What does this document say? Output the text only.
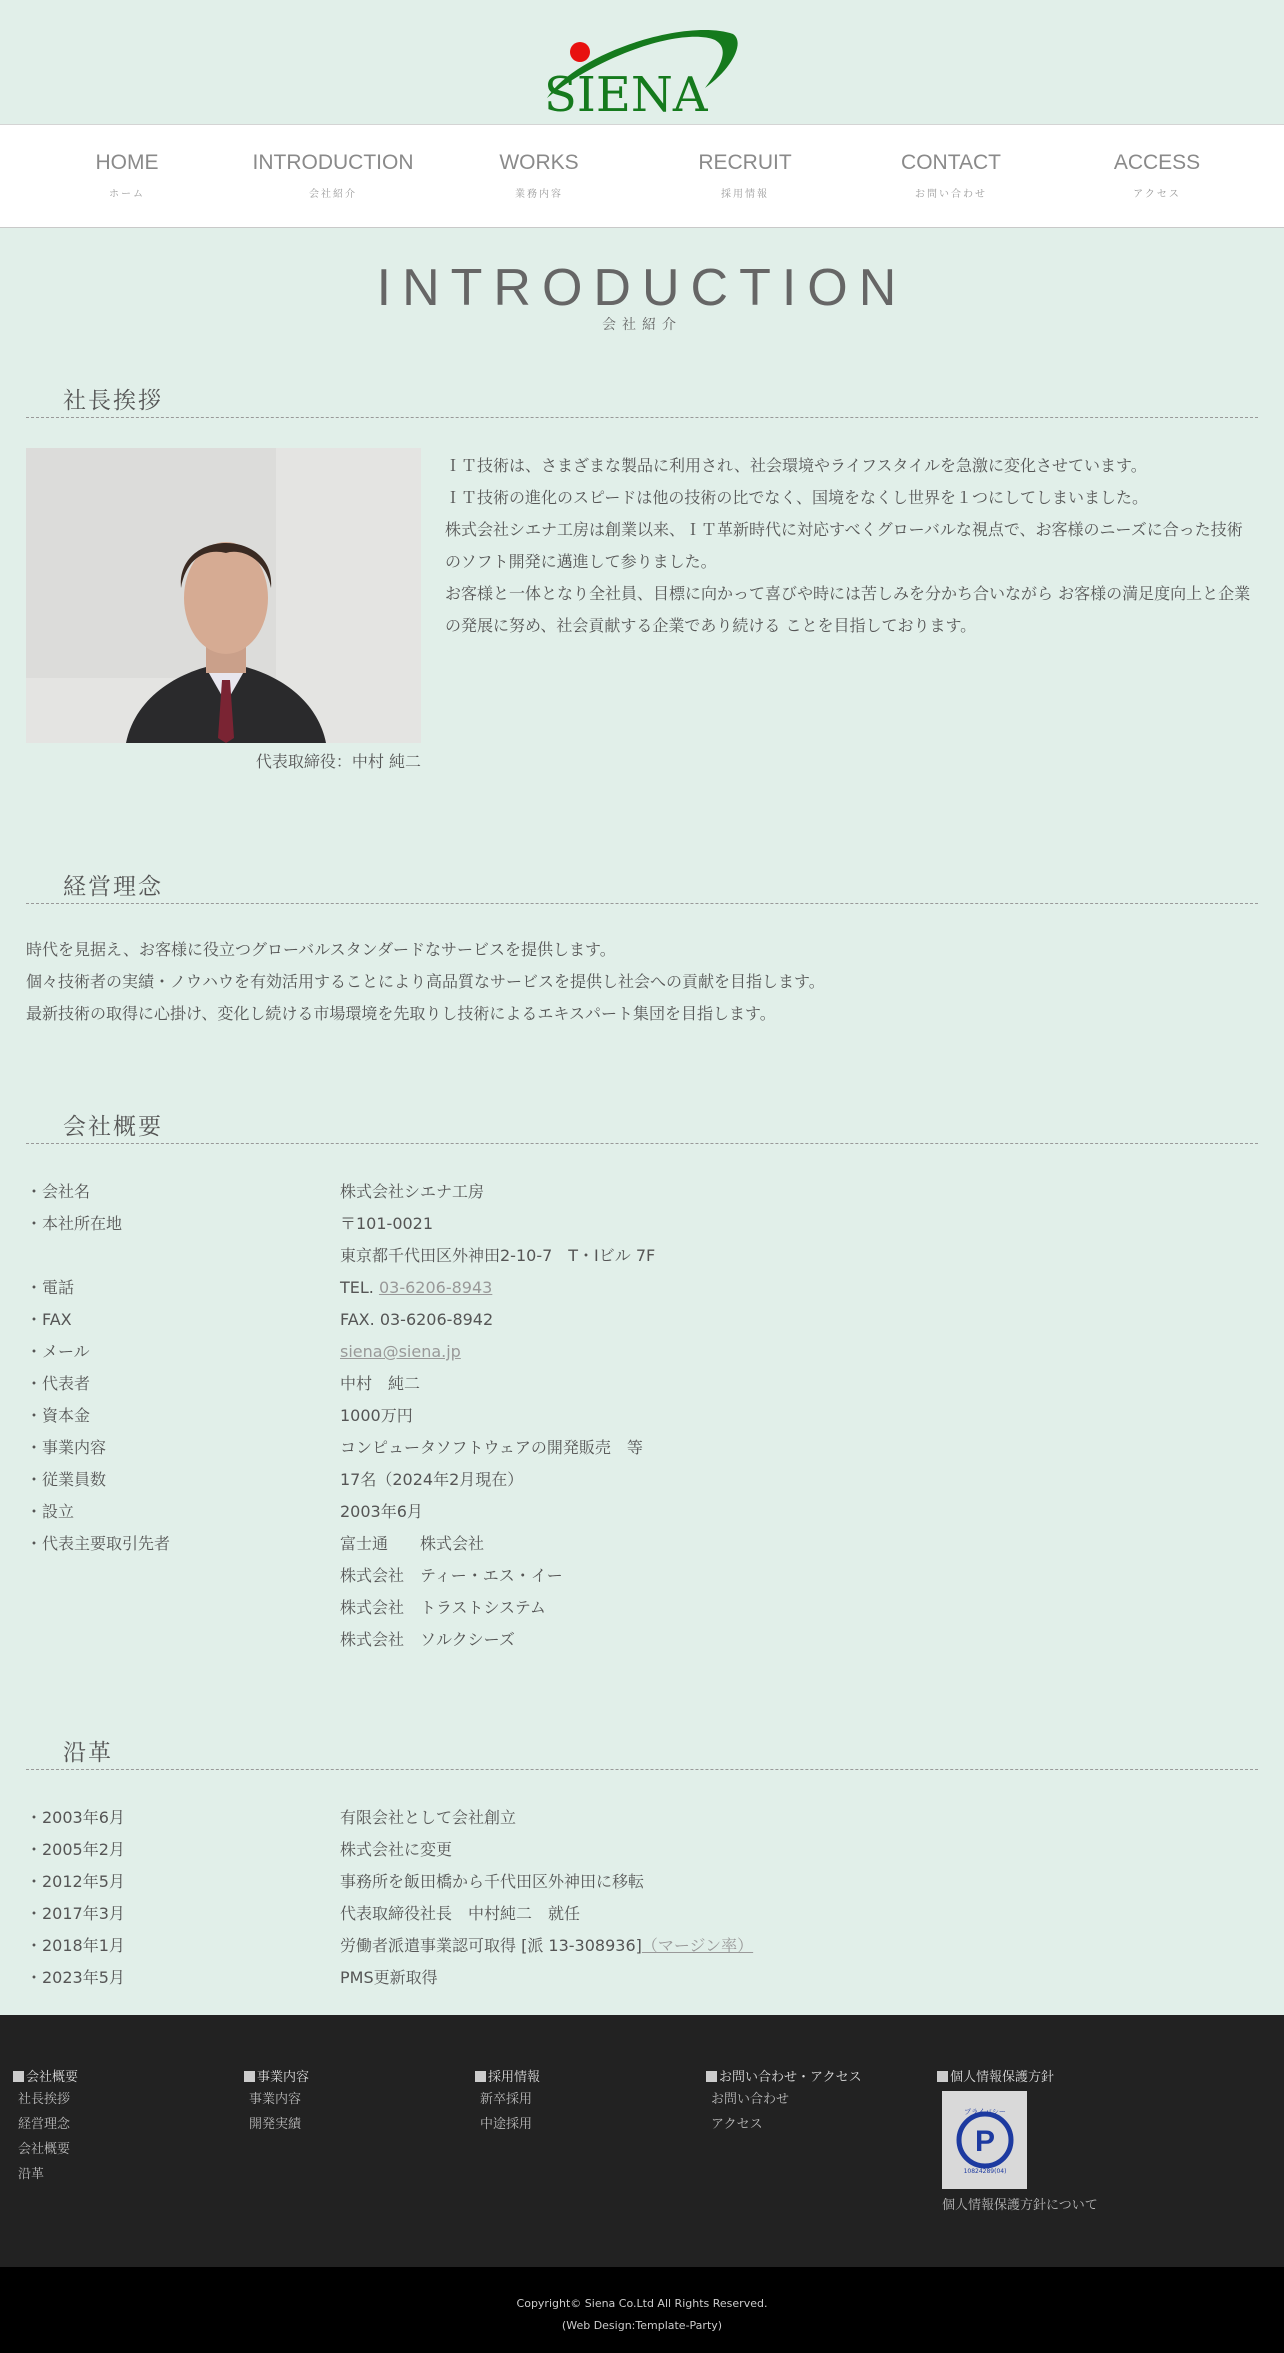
SIENA
HOME
ホーム
INTRODUCTION
会社紹介
WORKS
業務内容
RECRUIT
採用情報
CONTACT
お問い合わせ
ACCESS
アクセス
INTRODUCTION
会社紹介
社長挨拶
代表取締役：中村 純二
ＩＴ技術は、さまざまな製品に利用され、社会環境やライフスタイルを急激に変化させています。
ＩＴ技術の進化のスピードは他の技術の比でなく、国境をなくし世界を１つにしてしまいました。
株式会社シエナ工房は創業以来、ＩＴ革新時代に対応すべくグローバルな視点で、お客様のニーズに合った技術のソフト開発に邁進して参りました。
お客様と一体となり全社員、目標に向かって喜びや時には苦しみを分かち合いながら お客様の満足度向上と企業の発展に努め、社会貢献する企業であり続ける ことを目指しております。
経営理念
時代を見据え、お客様に役立つグローバルスタンダードなサービスを提供します。
個々技術者の実績・ノウハウを有効活用することにより高品質なサービスを提供し社会への貢献を目指します。
最新技術の取得に心掛け、変化し続ける市場環境を先取りし技術によるエキスパート集団を目指します。
会社概要
・会社名	株式会社シエナ工房
・本社所在地	〒101-0021
東京都千代田区外神田2-10-7　T・Iビル 7F
・電話	TEL. 03-6206-8943
・FAX	FAX. 03-6206-8942
・メール	siena@siena.jp
・代表者	中村　純二
・資本金	1000万円
・事業内容	コンピュータソフトウェアの開発販売　等
・従業員数	17名（2024年2月現在）
・設立	2003年6月
・代表主要取引先者	富士通　　株式会社
株式会社　ティー・エス・イー
株式会社　トラストシステム
株式会社　ソルクシーズ
沿革
・2003年6月	有限会社として会社創立
・2005年2月	株式会社に変更
・2012年5月	事務所を飯田橋から千代田区外神田に移転
・2017年3月	代表取締役社長　中村純二　就任
・2018年1月	労働者派遣事業認可取得 [派 13-308936]（マージン率）
・2023年5月	PMS更新取得
会社概要
社長挨拶
経営理念
会社概要
沿革
事業内容
事業内容
開発実績
採用情報
新卒採用
中途採用
お問い合わせ・アクセス
お問い合わせ
アクセス
個人情報保護方針
P
プライバシー
10824289(04)
個人情報保護方針について
Copyright© Siena Co.Ltd All Rights Reserved.
(Web Design:Template-Party)
